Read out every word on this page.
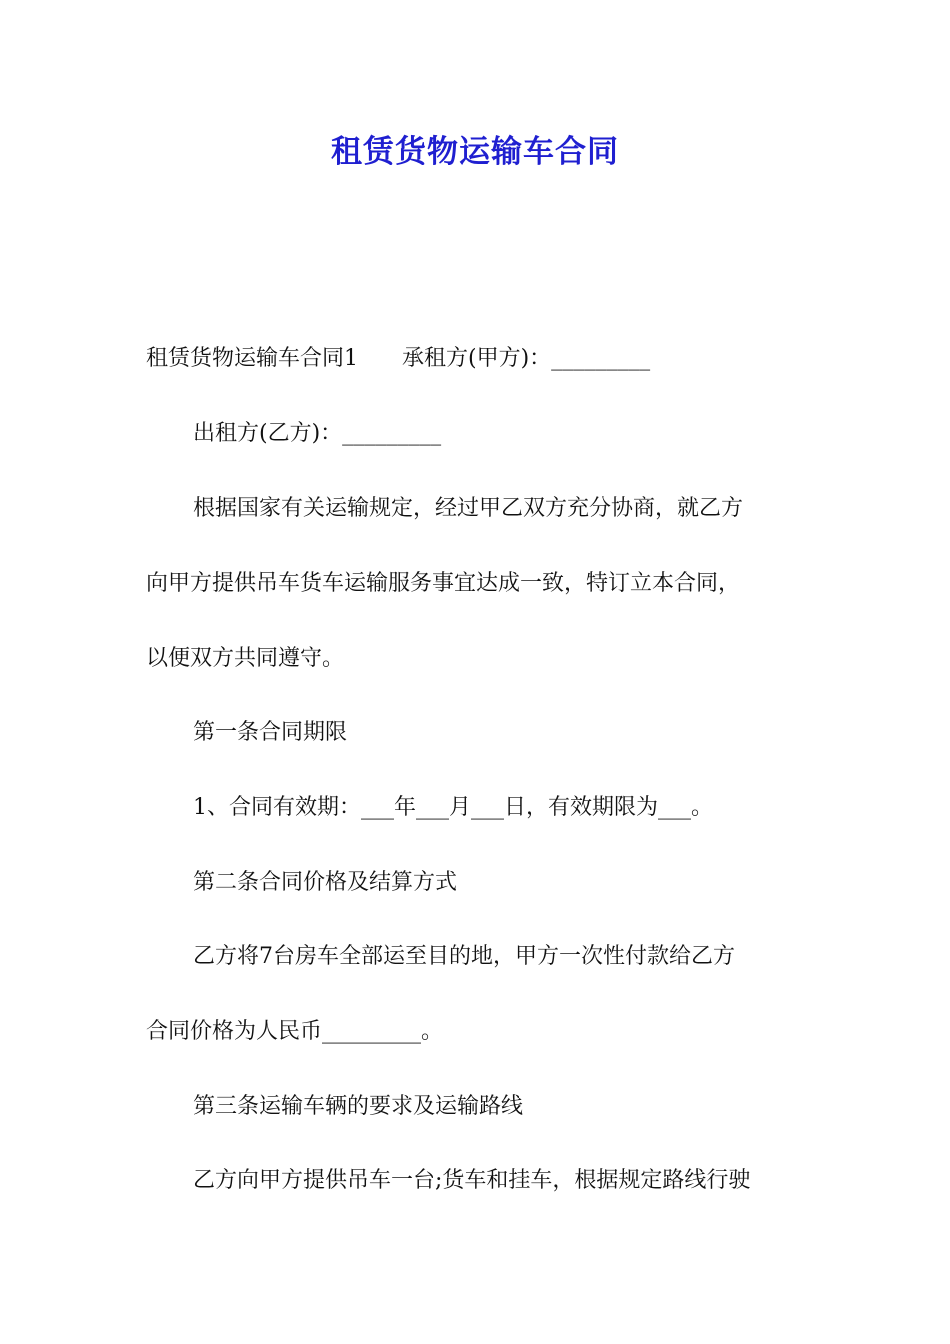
租赁货物运输车合同
租赁货物运输车合同1　　承租方(甲方)：_________
出租方(乙方)：_________
根据国家有关运输规定，经过甲乙双方充分协商，就乙方
向甲方提供吊车货车运输服务事宜达成一致，特订立本合同，
以便双方共同遵守。
第一条合同期限
1、合同有效期：___年___月___日，有效期限为___。
第二条合同价格及结算方式
乙方将7台房车全部运至目的地，甲方一次性付款给乙方
合同价格为人民币_________。
第三条运输车辆的要求及运输路线
乙方向甲方提供吊车一台;货车和挂车，根据规定路线行驶
